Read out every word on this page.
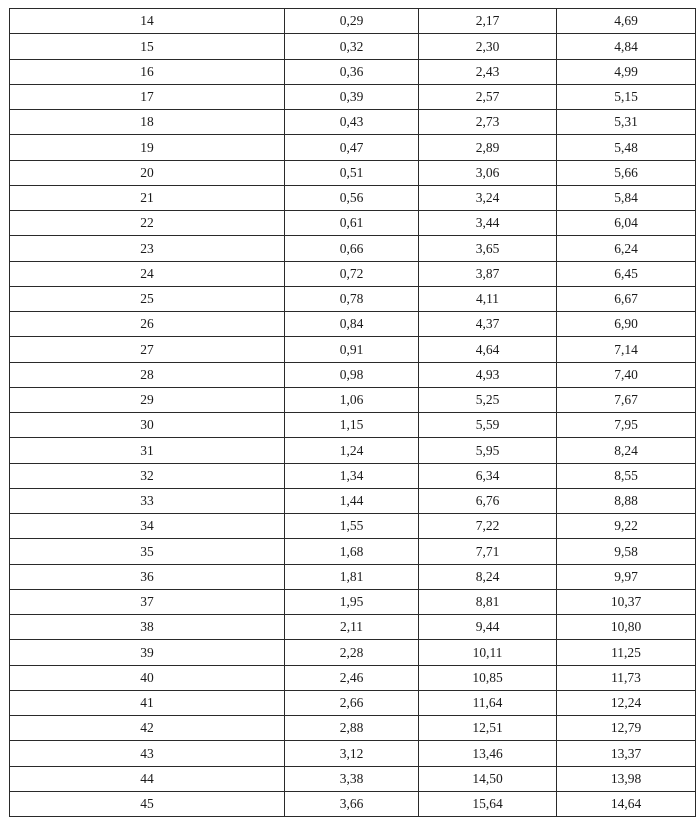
14	0,29	2,17	4,69
15	0,32	2,30	4,84
16	0,36	2,43	4,99
17	0,39	2,57	5,15
18	0,43	2,73	5,31
19	0,47	2,89	5,48
20	0,51	3,06	5,66
21	0,56	3,24	5,84
22	0,61	3,44	6,04
23	0,66	3,65	6,24
24	0,72	3,87	6,45
25	0,78	4,11	6,67
26	0,84	4,37	6,90
27	0,91	4,64	7,14
28	0,98	4,93	7,40
29	1,06	5,25	7,67
30	1,15	5,59	7,95
31	1,24	5,95	8,24
32	1,34	6,34	8,55
33	1,44	6,76	8,88
34	1,55	7,22	9,22
35	1,68	7,71	9,58
36	1,81	8,24	9,97
37	1,95	8,81	10,37
38	2,11	9,44	10,80
39	2,28	10,11	11,25
40	2,46	10,85	11,73
41	2,66	11,64	12,24
42	2,88	12,51	12,79
43	3,12	13,46	13,37
44	3,38	14,50	13,98
45	3,66	15,64	14,64
